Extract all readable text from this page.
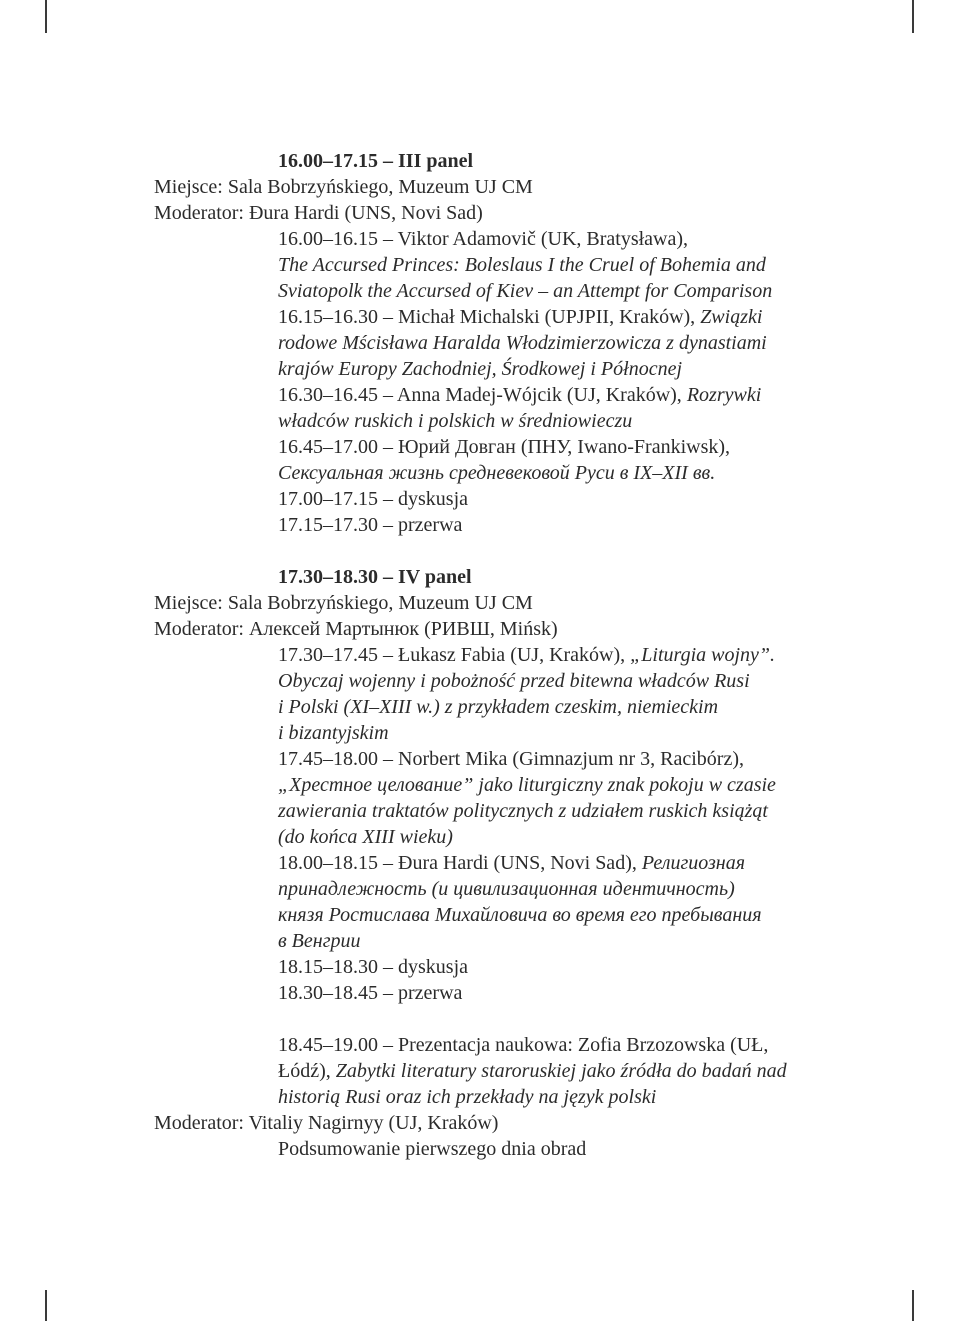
16.00–17.15 – III panel
Miejsce: Sala Bobrzyńskiego, Muzeum UJ CM
Moderator: Đura Hardi (UNS, Novi Sad)
16.00–16.15 – Viktor Adamovič (UK, Bratysława),
The Accursed Princes: Boleslaus I the Cruel of Bohemia and
Sviatopolk the Accursed of Kiev – an Attempt for Comparison
16.15–16.30 – Michał Michalski (UPJPII, Kraków), Związki
rodowe Mścisława Haralda Włodzimierzowicza z dynastiami
krajów Europy Zachodniej, Środkowej i Północnej
16.30–16.45 – Anna Madej-Wójcik (UJ, Kraków), Rozrywki
władców ruskich i polskich w średniowieczu
16.45–17.00 – Юрий Довган (ПНУ, Iwano-Frankiwsk),
Сексуальная жизнь средневековой Руси в IX–XII вв.
17.00–17.15 – dyskusja
17.15–17.30 – przerwa
17.30–18.30 – IV panel
Miejsce: Sala Bobrzyńskiego, Muzeum UJ CM
Moderator: Алексей Мартынюк (РИВШ, Mińsk)
17.30–17.45 – Łukasz Fabia (UJ, Kraków), „Liturgia wojny”.
Obyczaj wojenny i pobożność przed bitewna władców Rusi
i Polski (XI–XIII w.) z przykładem czeskim, niemieckim
i bizantyjskim
17.45–18.00 – Norbert Mika (Gimnazjum nr 3, Racibórz),
„Хрестное целование” jako liturgiczny znak pokoju w czasie
zawierania traktatów politycznych z udziałem ruskich książąt
(do końca XIII wieku)
18.00–18.15 – Đura Hardi (UNS, Novi Sad), Религиозная
принадлежность (и цивилизационная идентичность)
князя Ростислава Михайловича во время его пребывания
в Венгрии
18.15–18.30 – dyskusja
18.30–18.45 – przerwa
18.45–19.00 – Prezentacja naukowa: Zofia Brzozowska (UŁ,
Łódź), Zabytki literatury staroruskiej jako źródła do badań nad
historią Rusi oraz ich przekłady na język polski
Moderator: Vitaliy Nagirnyy (UJ, Kraków)
Podsumowanie pierwszego dnia obrad
